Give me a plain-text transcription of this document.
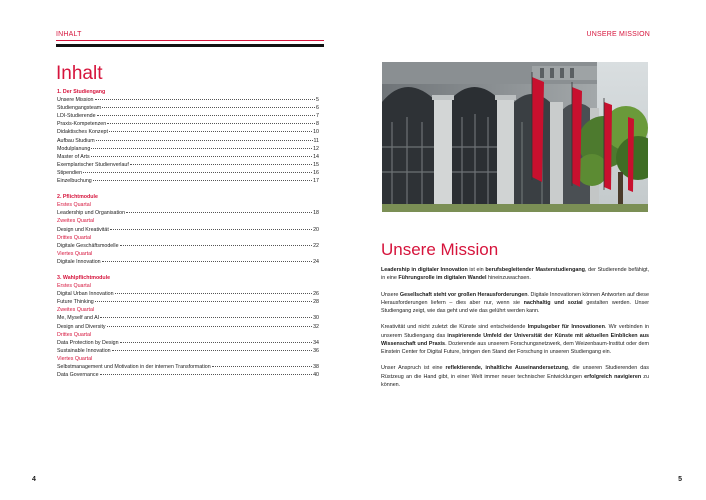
INHALT
Inhalt
1. Der Studiengang
Unsere Mission	5
Studiengangsteam	6
LDI-Studierende	7
Praxis-Kompetenzen	8
Didaktisches Konzept	10
Aufbau Studium	11
Modulplanung	12
Master of Arts	14
Exemplarischer Studienverlauf	15
Stipendien	16
Einzelbuchung	17
2. Pflichtmodule
Erstes Quartal
Leadership und Organisation	18
Zweites Quartal
Design und Kreativität	20
Drittes Quartal
Digitale Geschäftsmodelle	22
Viertes Quartal
Digitale Innovation	24
3. Wahlpflichtmodule
Erstes Quartal
Digital Urban Innovation	26
Future Thinking	28
Zweites Quartal
Me, Myself and AI	30
Design and Diversity	32
Drittes Quartal
Data Protection by Design	34
Sustainable Innovation	36
Viertes Quartal
Selbstmanagement und Motivation in der internen Transformation	38
Data Governance	40
4
UNSERE MISSION
Unsere Mission

Leadership in digitaler Innovation ist ein berufsbegleitender Masterstudiengang, der Studierende befähigt, in eine Führungsrolle im digitalen Wandel hineinzuwachsen.

Unsere Gesellschaft steht vor großen Herausforderungen. Digitale Innovationen können Antworten auf diese Herausforderungen liefern – dies aber nur, wenn sie nachhaltig und sozial gestalten werden. Unser Studiengang zeigt, wie das geht und wie das gelührt werden kann.

Kreativität und nicht zuletzt die Künste sind entscheidende Impulsgeber für Innovationen. Wir verbinden in unserem Studiengang das inspirierende Umfeld der Universität der Künste mit aktuellen Einblicken aus Wissenschaft und Praxis. Dozierende aus unserem Forschungsnetzwerk, dem Weizenbaum-Institut oder dem Einstein Center for Digital Future, bringen den Stand der Forschung in unseren Studiengang ein.

Unser Anspruch ist eine reflektierende, inhaltliche Auseinandersetzung, die unseren Studierenden das Rüstzeug an die Hand gibt, in einer Welt immer neuer technischer Entwicklungen erfolgreich navigieren zu können.

5
